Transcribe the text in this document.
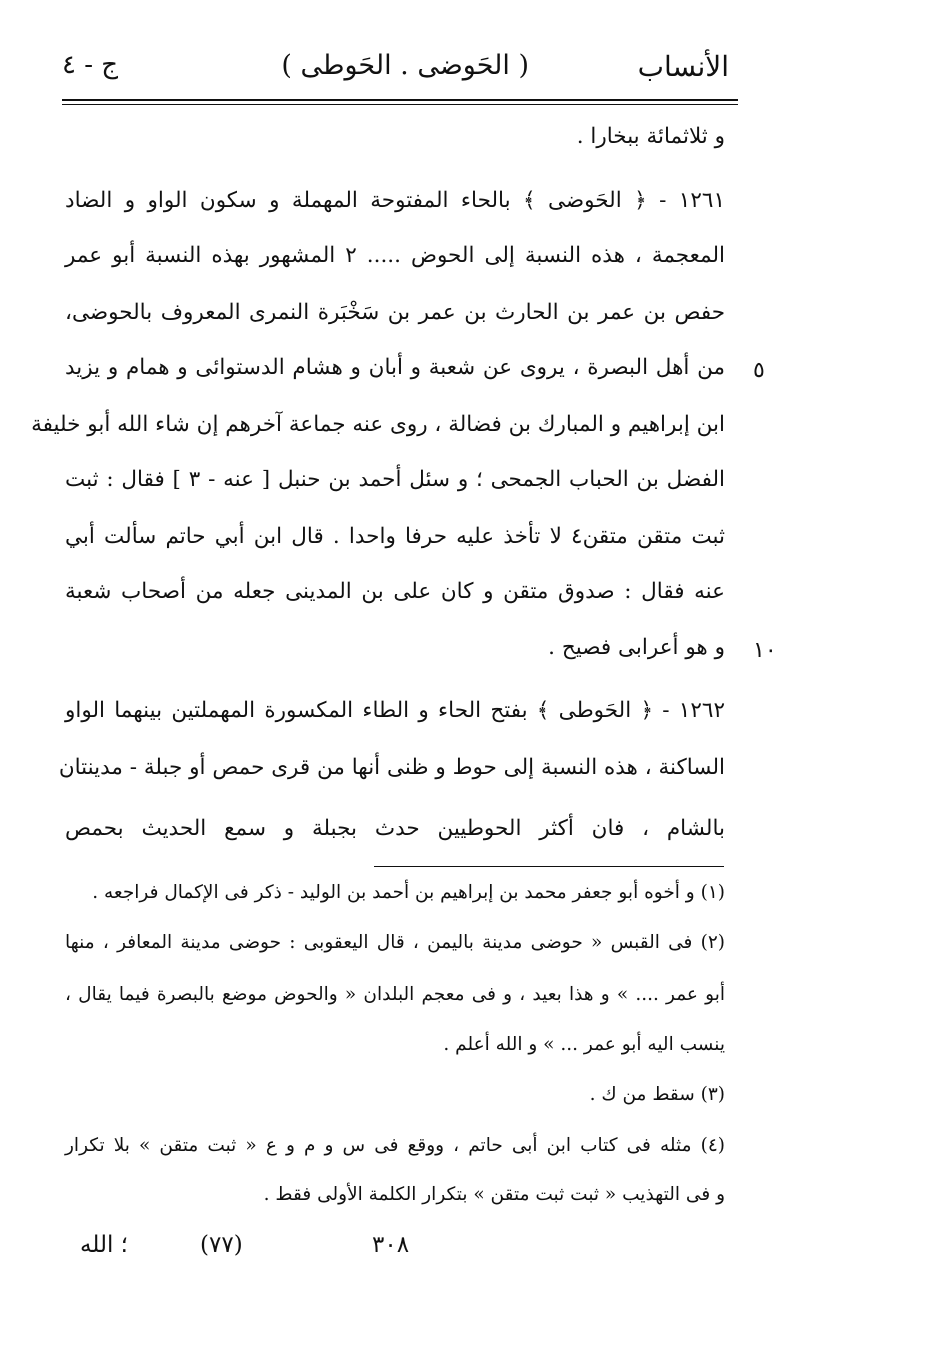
الأنساب
( الحَوضى . الحَوطى )
ج - ٤
و ثلاثمائة ببخارا .
١٢٦١ - ﴿ الحَوضى ﴾ بالحاء المفتوحة المهملة و سكون الواو و الضاد
المعجمة ، هذه النسبة إلى الحوض ..... ٢ المشهور بهذه النسبة أبو عمر
حفص بن عمر بن الحارث بن عمر بن سَخْبَرة النمرى المعروف بالحوضى،
من أهل البصرة ، يروى عن شعبة و أبان و هشام الدستوائى و همام و يزيد
ابن إبراهيم و المبارك بن فضالة ، روى عنه جماعة آخرهم إن شاء الله أبو خليفة
الفضل بن الحباب الجمحى ؛ و سئل أحمد بن حنبل [ عنه - ٣ ] فقال : ثبت
ثبت متقن متقن٤ لا تأخذ عليه حرفا واحدا . قال ابن أبي حاتم سألت أبي
عنه فقال : صدوق متقن و كان على بن المدينى جعله من أصحاب شعبة
و هو أعرابى فصيح .
١٢٦٢ - ﴿ الحَوطى ﴾ بفتح الحاء و الطاء المكسورة المهملتين بينهما الواو
الساكنة ، هذه النسبة إلى حوط و ظنى أنها من قرى حمص أو جبلة - مدينتان
بالشام ، فان أكثر الحوطيين حدث بجبلة و سمع الحديث بحمص
٥
١٠
(١) و أخوه أبو جعفر محمد بن إبراهيم بن أحمد بن الوليد - ذكر فى الإكمال فراجعه .
(٢) فى القبس « حوضى مدينة باليمن ، قال اليعقوبى : حوضى مدينة المعافر ، منها
أبو عمر .... » و هذا بعيد ، و فى معجم البلدان « والحوض موضع بالبصرة فيما يقال ،
ينسب اليه أبو عمر ... » و الله أعلم .
(٣) سقط من ك .
(٤) مثله فى كتاب ابن أبى حاتم ، ووقع فى س و م و ع « ثبت متقن » بلا تكرار
و فى التهذيب « ثبت ثبت متقن » بتكرار الكلمة الأولى فقط .
؛ الله	(٧٧)	٣٠٨
